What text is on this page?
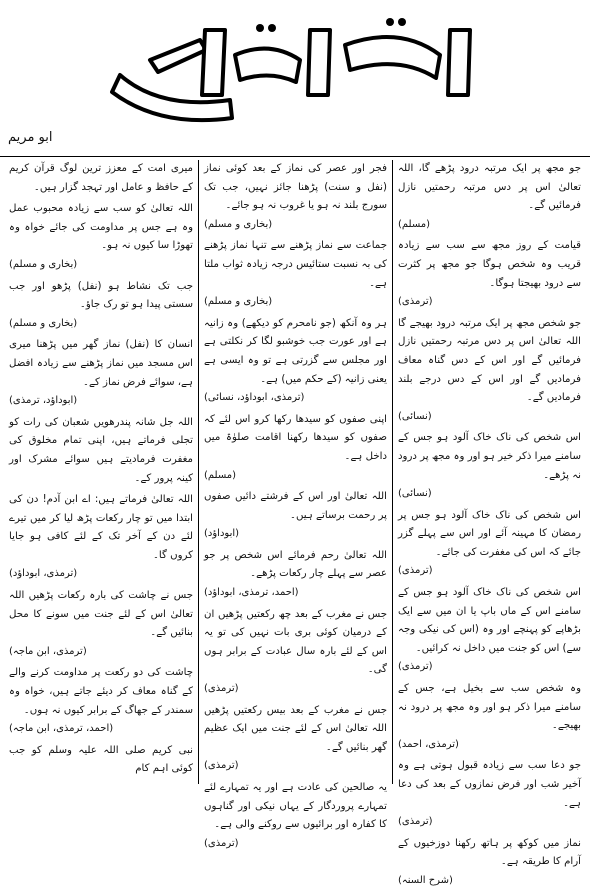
ابو مریم

جو مجھ پر ایک مرتبہ درود پڑھے گا، اللہ تعالیٰ اس پر دس مرتبہ رحمتیں نازل فرمائیں گے۔
(مسلم)

قیامت کے روز مجھ سے سب سے زیادہ قریب وہ شخص ہوگا جو مجھ پر کثرت سے درود بھیجتا ہوگا۔
(ترمذی)

جو شخص مجھ پر ایک مرتبہ درود بھیجے گا اللہ تعالیٰ اس پر دس مرتبہ رحمتیں نازل فرمائیں گے اور اس کے دس گناہ معاف فرمادیں گے اور اس کے دس درجے بلند فرمادیں گے۔
(نسائی)

اس شخص کی ناک خاک آلود ہو جس کے سامنے میرا ذکر خیر ہو اور وہ مجھ پر درود نہ پڑھے۔
(نسائی)

اس شخص کی ناک خاک آلود ہو جس پر رمضان کا مہینہ آئے اور اس سے پہلے گزر جائے کہ اس کی مغفرت کی جائے۔
(ترمذی)

اس شخص کی ناک خاک آلود ہو جس کے سامنے اس کے ماں باپ یا ان میں سے ایک بڑھاپے کو پہنچے اور وہ (اس کی نیکی وجہ سے) اس کو جنت میں داخل نہ کرائیں۔
(ترمذی)

وہ شخص سب سے بخیل ہے، جس کے سامنے میرا ذکر ہو اور وہ مجھ پر درود نہ بھیجے۔
(ترمذی، احمد)

جو دعا سب سے زیادہ قبول ہوتی ہے وہ آخیر شب اور فرض نمازوں کے بعد کی دعا ہے۔
(ترمذی)

نماز میں کوکھ پر ہاتھ رکھنا دوزخیوں کے آرام کا طریقہ ہے۔
(شرح السنہ)

فجر اور عصر کی نماز کے بعد کوئی نماز (نفل و سنت) پڑھنا جائز نہیں، جب تک سورج بلند نہ ہو یا غروب نہ ہو جائے۔
(بخاری و مسلم)

جماعت سے نماز پڑھنے سے تنہا نماز پڑھنے کی بہ نسبت ستائیس درجہ زیادہ ثواب ملتا ہے۔
(بخاری و مسلم)

ہر وہ آنکھ (جو نامحرم کو دیکھے) وہ زانیہ ہے اور عورت جب خوشبو لگا کر نکلتی ہے اور مجلس سے گزرتی ہے تو وہ ایسی ہے یعنی زانیہ (کے حکم میں) ہے۔
(ترمذی، ابوداؤد، نسائی)

اپنی صفوں کو سیدھا رکھا کرو اس لئے کہ صفوں کو سیدھا رکھنا اقامت صلوٰۃ میں داخل ہے۔
(مسلم)

اللہ تعالیٰ اور اس کے فرشتے دائیں صفوں پر رحمت برساتے ہیں۔
(ابوداؤد)

اللہ تعالیٰ رحم فرمائے اس شخص پر جو عصر سے پہلے چار رکعات پڑھے۔
(احمد، ترمذی، ابوداؤد)

جس نے مغرب کے بعد چھ رکعتیں پڑھیں ان کے درمیان کوئی بری بات نہیں کی تو یہ اس کے لئے بارہ سال عبادت کے برابر ہوں گی۔
(ترمذی)

جس نے مغرب کے بعد بیس رکعتیں پڑھیں اللہ تعالیٰ اس کے لئے جنت میں ایک عظیم گھر بنائیں گے۔
(ترمذی)

یہ صالحین کی عادت ہے اور یہ تمہارے لئے تمہارے پروردگار کے یہاں نیکی اور گناہوں کا کفارہ اور برائیوں سے روکنے والی ہے۔
(ترمذی)

میری امت کے معزز ترین لوگ قرآن کریم کے حافظ و عامل اور تہجد گزار ہیں۔

اللہ تعالیٰ کو سب سے زیادہ محبوب عمل وہ ہے جس پر مداومت کی جائے خواہ وہ تھوڑا سا کیوں نہ ہو۔
(بخاری و مسلم)

جب تک نشاط ہو (نفل) پڑھو اور جب سستی پیدا ہو تو رک جاؤ۔
(بخاری و مسلم)

انسان کا (نفل) نماز گھر میں پڑھنا میری اس مسجد میں نماز پڑھنے سے زیادہ افضل ہے، سوائے فرض نماز کے۔
(ابوداؤد، ترمذی)

اللہ جل شانہ پندرھویں شعبان کی رات کو تجلی فرماتے ہیں، اپنی تمام مخلوق کی مغفرت فرمادیتے ہیں سوائے مشرک اور کینہ پرور کے۔

اللہ تعالیٰ فرماتے ہیں: اے ابن آدم! دن کی ابتدا میں تو چار رکعات پڑھ لیا کر میں تیرے لئے دن کے آخر تک کے لئے کافی ہو جایا کروں گا۔
(ترمذی، ابوداؤد)

جس نے چاشت کی بارہ رکعات پڑھیں اللہ تعالیٰ اس کے لئے جنت میں سونے کا محل بنائیں گے۔
(ترمذی، ابن ماجہ)

چاشت کی دو رکعت پر مداومت کرنے والے کے گناہ معاف کر دیئے جاتے ہیں، خواہ وہ سمندر کے جھاگ کے برابر کیوں نہ ہوں۔
(احمد، ترمذی، ابن ماجہ)

نبی کریم صلی اللہ علیہ وسلم کو جب کوئی اہم کام
